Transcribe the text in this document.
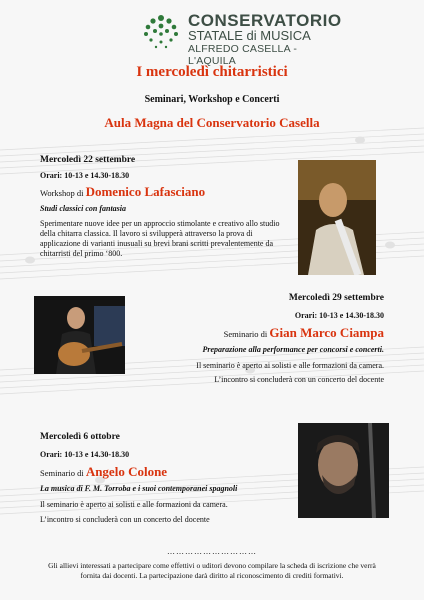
CONSERVATORIO
STATALE di MUSICA
ALFREDO CASELLA - L'AQUILA
I mercoledì chitarristici
Seminari, Workshop e Concerti
Aula Magna del Conservatorio Casella
Mercoledì 22 settembre
Orari: 10-13 e 14.30-18.30
Workshop di Domenico Lafasciano
Studi classici con fantasia
Sperimentare nuove idee per un approccio stimolante e creativo allo studio della chitarra classica. Il lavoro si svilupperà attraverso la prova di applicazione di varianti inusuali su brevi brani scritti prevalentemente da chitarristi del primo ‘800.
Mercoledì 29 settembre
Orari: 10-13 e 14.30-18.30
Seminario di Gian Marco Ciampa
Preparazione alla performance per concorsi e concerti.
Il seminario è aperto ai solisti e alle formazioni da camera.
L’incontro si concluderà con un concerto del docente
Mercoledì 6 ottobre
Orari: 10-13 e 14.30-18.30
Seminario di Angelo Colone
La musica di F. M. Torroba e i suoi contemporanei spagnoli
Il seminario è aperto ai solisti e alle formazioni da camera.
L’incontro si concluderà con un concerto del docente
…………………………
Gli allievi interessati a partecipare come effettivi o uditori devono compilare la scheda di iscrizione che verrà fornita dai docenti. La partecipazione darà diritto al riconoscimento di crediti formativi.
